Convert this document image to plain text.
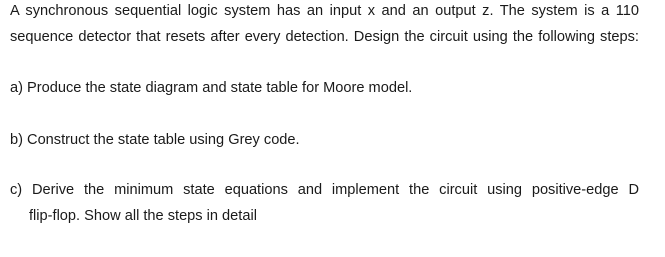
A synchronous sequential logic system has an input x and an output z. The system is a 110
sequence detector that resets after every detection. Design the circuit using the following steps:
a) Produce the state diagram and state table for Moore model.
b) Construct the state table using Grey code.
c) Derive the minimum state equations and implement the circuit using positive-edge D
flip-flop. Show all the steps in detail
